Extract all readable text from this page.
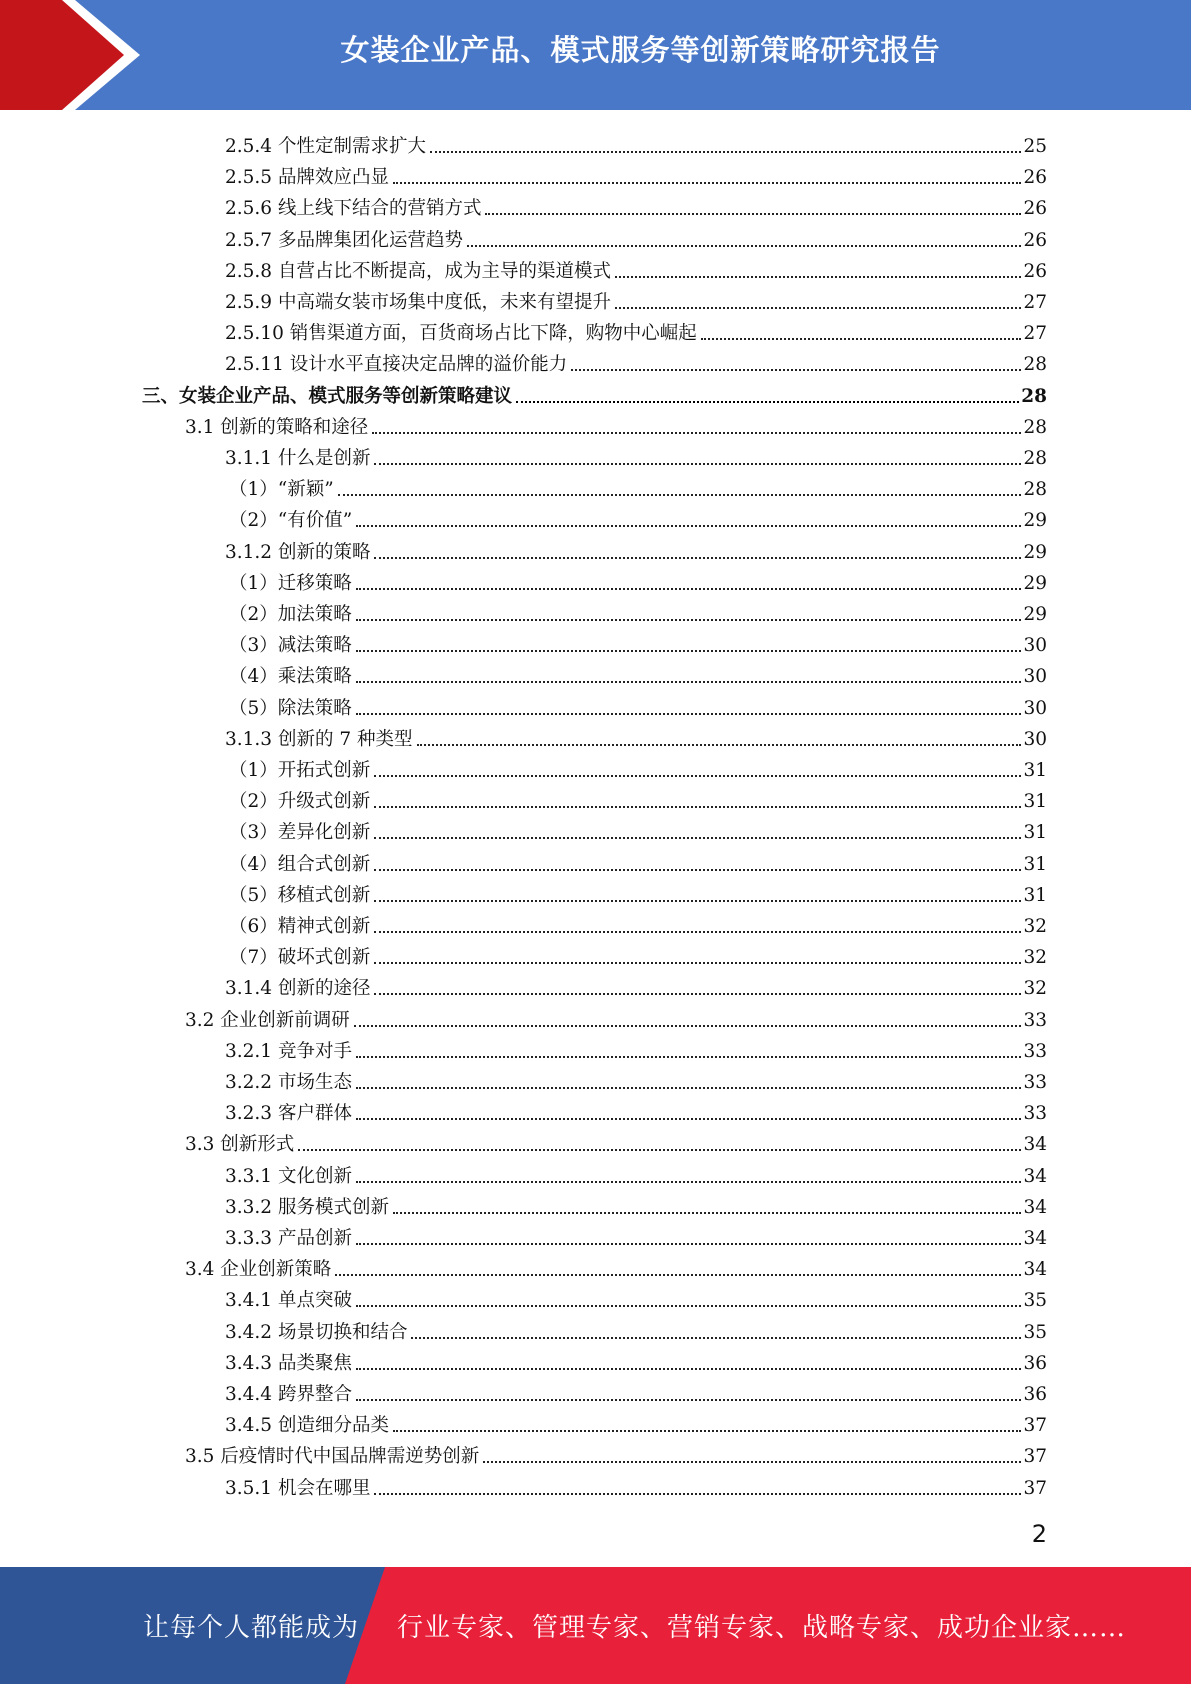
女装企业产品、模式服务等创新策略研究报告
2.5.4 个性定制需求扩大	25
2.5.5 品牌效应凸显	26
2.5.6 线上线下结合的营销方式	26
2.5.7 多品牌集团化运营趋势	26
2.5.8 自营占比不断提高，成为主导的渠道模式	26
2.5.9 中高端女装市场集中度低，未来有望提升	27
2.5.10 销售渠道方面，百货商场占比下降，购物中心崛起	27
2.5.11 设计水平直接决定品牌的溢价能力	28
三、女装企业产品、模式服务等创新策略建议	28
3.1 创新的策略和途径	28
3.1.1 什么是创新	28
（1）“新颖”	28
（2）“有价值”	29
3.1.2 创新的策略	29
（1）迁移策略	29
（2）加法策略	29
（3）减法策略	30
（4）乘法策略	30
（5）除法策略	30
3.1.3 创新的 7 种类型	30
（1）开拓式创新	31
（2）升级式创新	31
（3）差异化创新	31
（4）组合式创新	31
（5）移植式创新	31
（6）精神式创新	32
（7）破坏式创新	32
3.1.4 创新的途径	32
3.2 企业创新前调研	33
3.2.1 竞争对手	33
3.2.2 市场生态	33
3.2.3 客户群体	33
3.3 创新形式	34
3.3.1 文化创新	34
3.3.2 服务模式创新	34
3.3.3 产品创新	34
3.4 企业创新策略	34
3.4.1 单点突破	35
3.4.2 场景切换和结合	35
3.4.3 品类聚焦	36
3.4.4 跨界整合	36
3.4.5 创造细分品类	37
3.5 后疫情时代中国品牌需逆势创新	37
3.5.1 机会在哪里	37
2
让每个人都能成为 行业专家、管理专家、营销专家、战略专家、成功企业家……
